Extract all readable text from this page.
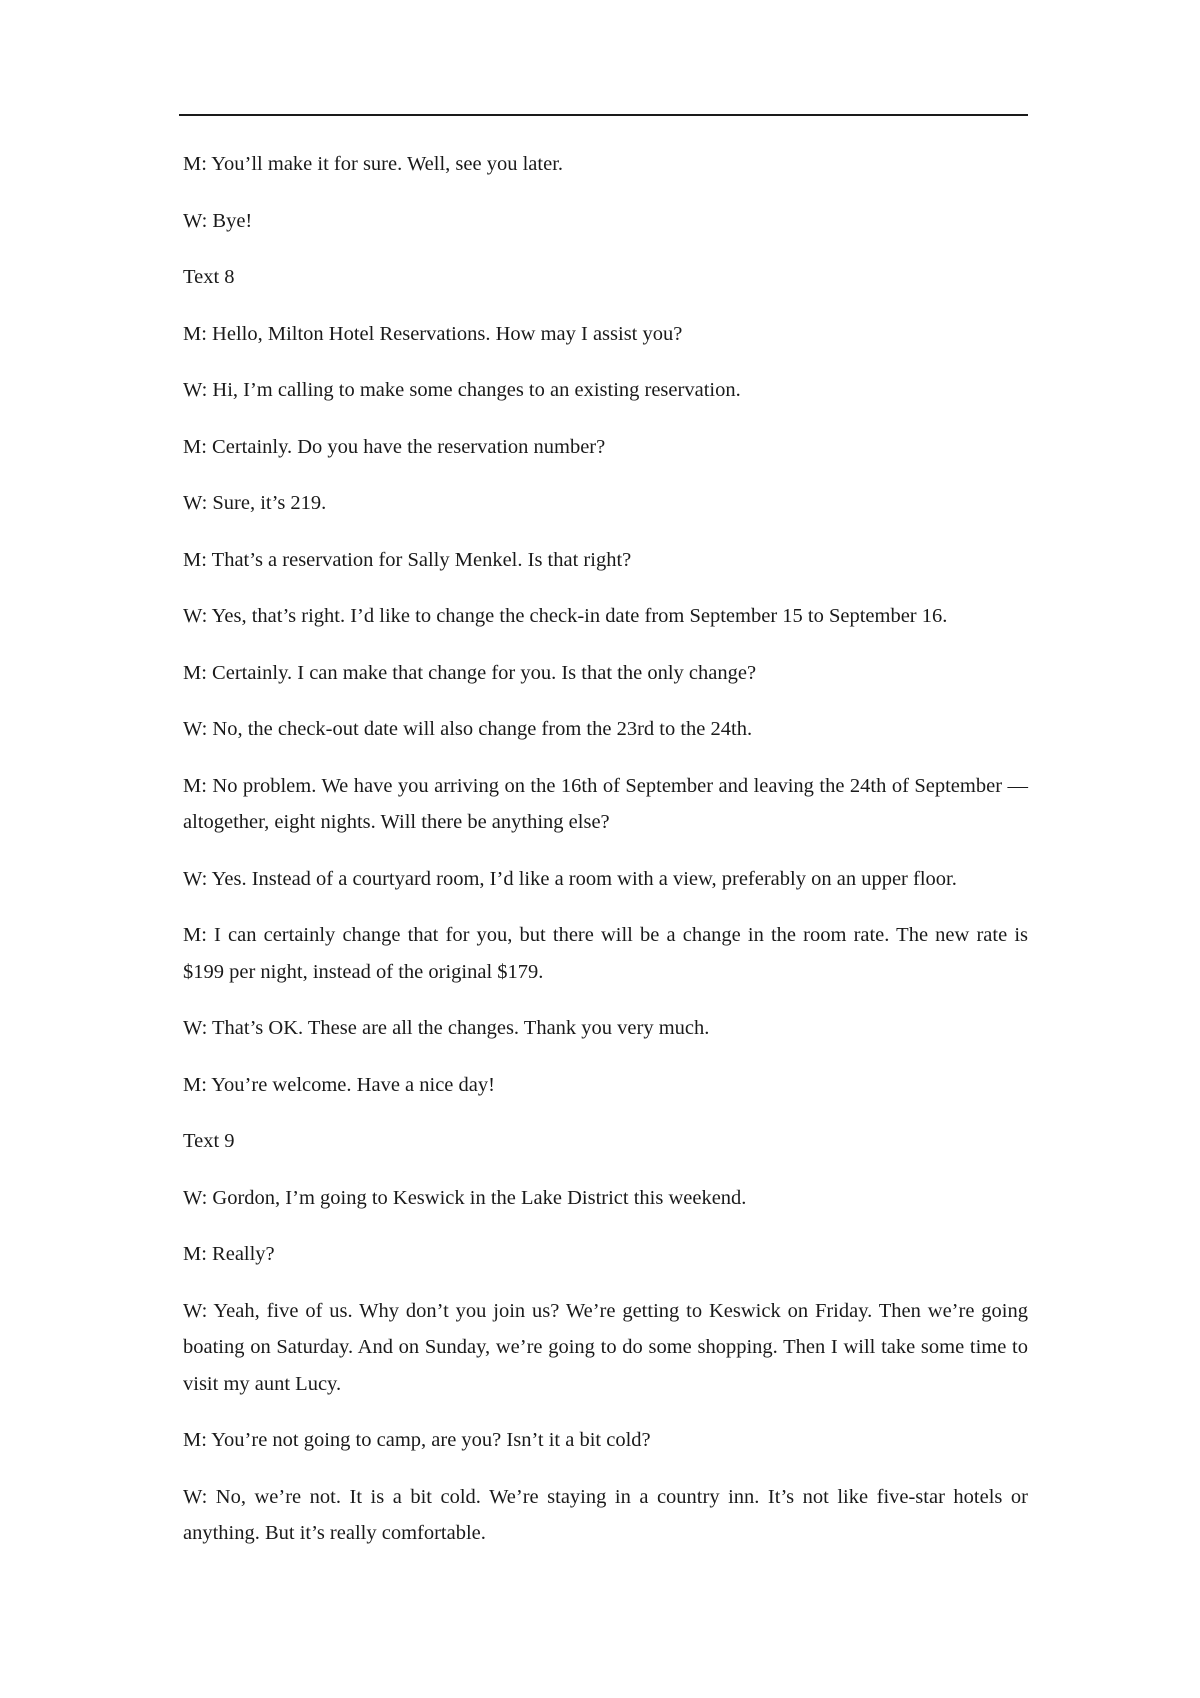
M: You’ll make it for sure. Well, see you later.

W: Bye!

Text 8

M: Hello, Milton Hotel Reservations. How may I assist you?

W: Hi, I’m calling to make some changes to an existing reservation.

M: Certainly. Do you have the reservation number?

W: Sure, it’s 219.

M: That’s a reservation for Sally Menkel. Is that right?

W: Yes, that’s right. I’d like to change the check-in date from September 15 to September 16.

M: Certainly. I can make that change for you. Is that the only change?

W: No, the check-out date will also change from the 23rd to the 24th.

M: No problem. We have you arriving on the 16th of September and leaving the 24th of September — altogether, eight nights. Will there be anything else?

W: Yes. Instead of a courtyard room, I’d like a room with a view, preferably on an upper floor.

M: I can certainly change that for you, but there will be a change in the room rate. The new rate is $199 per night, instead of the original $179.

W: That’s OK. These are all the changes. Thank you very much.

M: You’re welcome. Have a nice day!

Text 9

W: Gordon, I’m going to Keswick in the Lake District this weekend.

M: Really?

W: Yeah, five of us. Why don’t you join us? We’re getting to Keswick on Friday. Then we’re going boating on Saturday. And on Sunday, we’re going to do some shopping. Then I will take some time to visit my aunt Lucy.

M: You’re not going to camp, are you? Isn’t it a bit cold?

W: No, we’re not. It is a bit cold. We’re staying in a country inn. It’s not like five-star hotels or anything. But it’s really comfortable.
